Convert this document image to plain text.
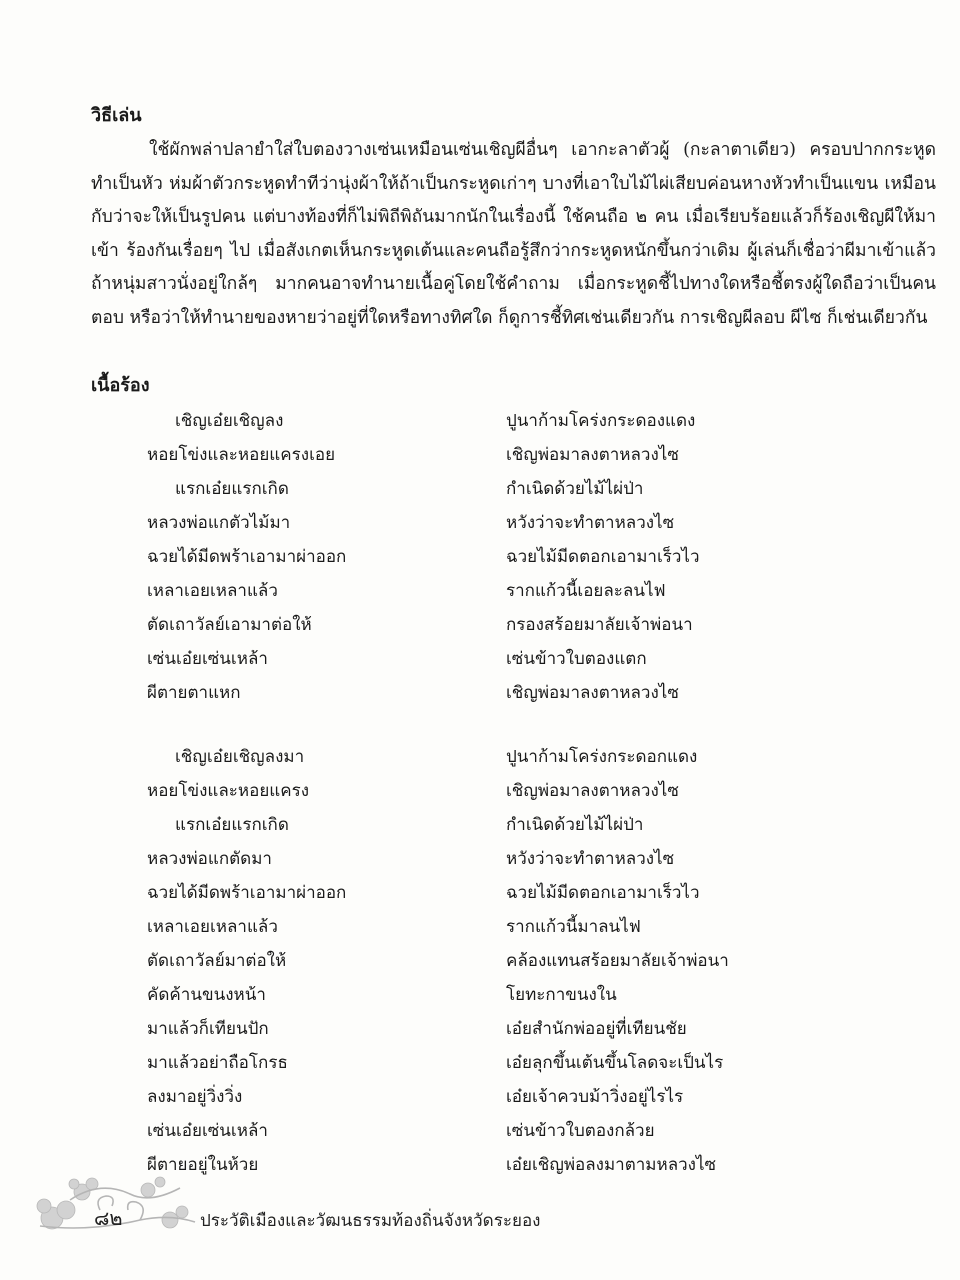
วิธีเล่น

ใช้ผักพล่าปลายำใส่ใบตองวางเซ่นเหมือนเซ่นเชิญผีอื่นๆ เอากะลาตัวผู้ (กะลาตาเดียว) ครอบปากกระหูด ทำเป็นหัว ห่มผ้าตัวกระหูดทำทีว่านุ่งผ้าให้ถ้าเป็นกระหูดเก่าๆ บางที่เอาใบไม้ไผ่เสียบค่อนหางหัวทำเป็นแขน เหมือนกับว่าจะให้เป็นรูปคน แต่บางท้องที่ก็ไม่พิถีพิถันมากนักในเรื่องนี้ ใช้คนถือ ๒ คน เมื่อเรียบร้อยแล้วก็ร้องเชิญผีให้มาเข้า ร้องกันเรื่อยๆ ไป เมื่อสังเกตเห็นกระหูดเต้นและคนถือรู้สึกว่ากระหูดหนักขึ้นกว่าเดิม ผู้เล่นก็เชื่อว่าผีมาเข้าแล้ว ถ้าหนุ่มสาวนั่งอยู่ใกล้ๆ มากคนอาจทำนายเนื้อคู่โดยใช้คำถาม เมื่อกระหูดชี้ไปทางใดหรือชี้ตรงผู้ใดถือว่าเป็นคนตอบ หรือว่าให้ทำนายของหายว่าอยู่ที่ใดหรือทางทิศใด ก็ดูการชี้ทิศเช่นเดียวกัน การเชิญผีลอบ ผีไซ ก็เช่นเดียวกัน

เนื้อร้อง
เชิญเอ๋ยเชิญลง	ปูนาก้ามโคร่งกระดองแดง
หอยโข่งและหอยแครงเอย	เชิญพ่อมาลงตาหลวงไซ
แรกเอ๋ยแรกเกิด	กำเนิดด้วยไม้ไผ่ป่า
หลวงพ่อแกตัวไม้มา	หวังว่าจะทำตาหลวงไซ
ฉวยได้มีดพร้าเอามาผ่าออก	ฉวยไม้มีดตอกเอามาเร็วไว
เหลาเอยเหลาแล้ว	รากแก้วนี้เอยละลนไฟ
ตัดเถาวัลย์เอามาต่อให้	กรองสร้อยมาลัยเจ้าพ่อนา
เซ่นเอ๋ยเซ่นเหล้า	เซ่นข้าวใบตองแตก
ผีตายตาแหก	เชิญพ่อมาลงตาหลวงไซ
เชิญเอ๋ยเชิญลงมา	ปูนาก้ามโคร่งกระดอกแดง
หอยโข่งและหอยแครง	เชิญพ่อมาลงตาหลวงไซ
แรกเอ๋ยแรกเกิด	กำเนิดด้วยไม้ไผ่ป่า
หลวงพ่อแกตัดมา	หวังว่าจะทำตาหลวงไซ
ฉวยได้มีดพร้าเอามาผ่าออก	ฉวยไม้มีดตอกเอามาเร็วไว
เหลาเอยเหลาแล้ว	รากแก้วนี้มาลนไฟ
ตัดเถาวัลย์มาต่อให้	คล้องแทนสร้อยมาลัยเจ้าพ่อนา
คัดค้านขนงหน้า	โยทะกาขนงใน
มาแล้วก็เทียนปัก	เอ๋ยสำนักพ่ออยู่ที่เทียนชัย
มาแล้วอย่าถือโกรธ	เอ๋ยลุกขึ้นเต้นขึ้นโลดจะเป็นไร
ลงมาอยู่วิ่งวิ่ง	เอ๋ยเจ้าควบม้าวิ่งอยู่ไรไร
เซ่นเอ๋ยเซ่นเหล้า	เซ่นข้าวใบตองกล้วย
ผีตายอยู่ในห้วย	เอ๋ยเชิญพ่อลงมาตามหลวงไซ
๘๒	ประวัติเมืองและวัฒนธรรมท้องถิ่นจังหวัดระยอง
